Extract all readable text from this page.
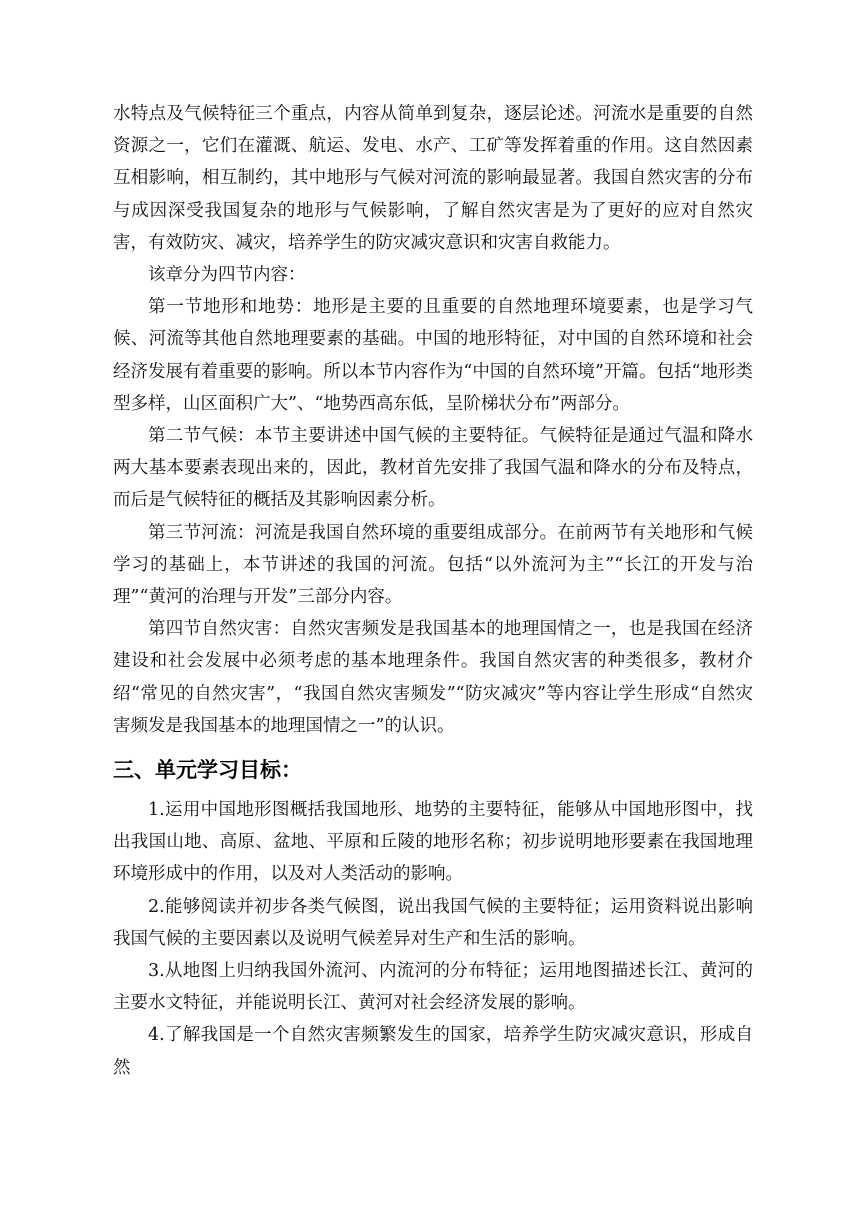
水特点及气候特征三个重点，内容从简单到复杂，逐层论述。河流水是重要的自然资源之一，它们在灌溉、航运、发电、水产、工矿等发挥着重的作用。这自然因素互相影响，相互制约，其中地形与气候对河流的影响最显著。我国自然灾害的分布与成因深受我国复杂的地形与气候影响，了解自然灾害是为了更好的应对自然灾害，有效防灾、减灾，培养学生的防灾减灾意识和灾害自救能力。

该章分为四节内容：

第一节地形和地势：地形是主要的且重要的自然地理环境要素，也是学习气候、河流等其他自然地理要素的基础。中国的地形特征，对中国的自然环境和社会经济发展有着重要的影响。所以本节内容作为“中国的自然环境”开篇。包括“地形类型多样，山区面积广大”、“地势西高东低，呈阶梯状分布”两部分。

第二节气候：本节主要讲述中国气候的主要特征。气候特征是通过气温和降水两大基本要素表现出来的，因此，教材首先安排了我国气温和降水的分布及特点，而后是气候特征的概括及其影响因素分析。

第三节河流：河流是我国自然环境的重要组成部分。在前两节有关地形和气候学习的基础上，本节讲述的我国的河流。包括“以外流河为主”“长江的开发与治理”“黄河的治理与开发”三部分内容。

第四节自然灾害：自然灾害频发是我国基本的地理国情之一，也是我国在经济建设和社会发展中必须考虑的基本地理条件。我国自然灾害的种类很多，教材介绍“常见的自然灾害”，“我国自然灾害频发”“防灾减灾”等内容让学生形成“自然灾害频发是我国基本的地理国情之一”的认识。

三、单元学习目标：

1.运用中国地形图概括我国地形、地势的主要特征，能够从中国地形图中，找出我国山地、高原、盆地、平原和丘陵的地形名称；初步说明地形要素在我国地理环境形成中的作用，以及对人类活动的影响。

2.能够阅读并初步各类气候图，说出我国气候的主要特征；运用资料说出影响我国气候的主要因素以及说明气候差异对生产和生活的影响。

3.从地图上归纳我国外流河、内流河的分布特征；运用地图描述长江、黄河的主要水文特征，并能说明长江、黄河对社会经济发展的影响。

4.了解我国是一个自然灾害频繁发生的国家，培养学生防灾减灾意识，形成自然
